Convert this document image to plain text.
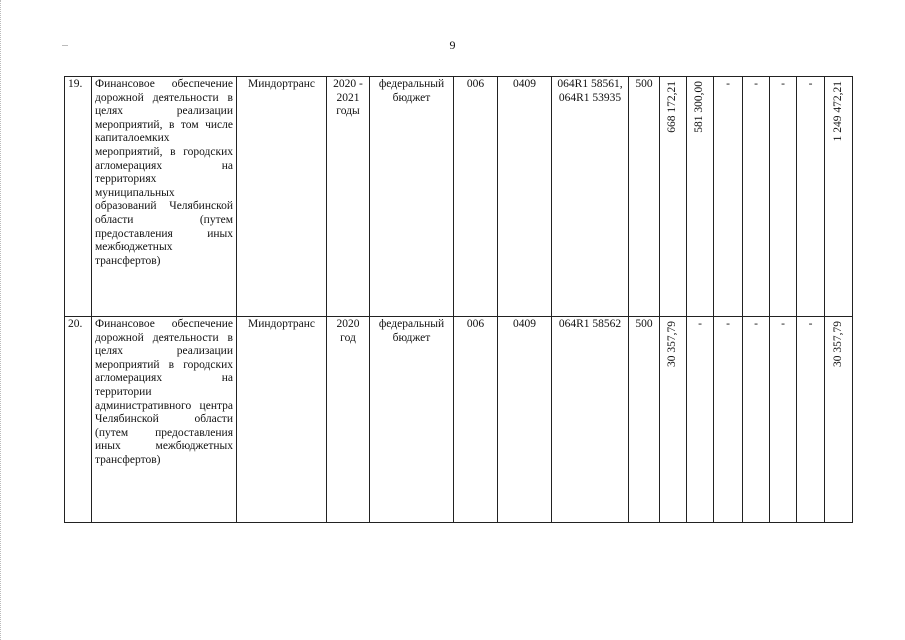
9
19.	Финансовое обеспечение дорожной деятельности в целях реализации мероприятий, в том числе капиталоемких мероприятий, в городских агломерациях на территориях муниципальных образований Челябинской области (путем предоставления иных межбюджетных трансфертов)	Миндортранс	2020 - 2021 годы	федеральный бюджет	006	0409	064R1 58561, 064R1 53935	500	668 172,21	581 300,00	-	-	-	-	1 249 472,21

20.	Финансовое обеспечение дорожной деятельности в целях реализации мероприятий в городских агломерациях на территории административного центра Челябинской области (путем предоставления иных межбюджетных трансфертов)	Миндортранс	2020 год	федеральный бюджет	006	0409	064R1 58562	500	30 357,79	-	-	-	-	-	30 357,79
